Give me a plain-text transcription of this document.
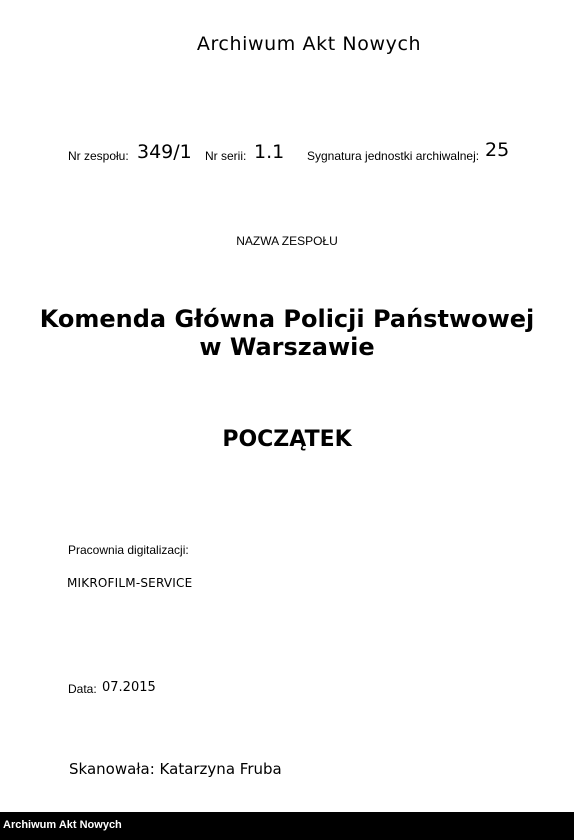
Archiwum Akt Nowych
Nr zespołu: 349/1 Nr serii: 1.1 Sygnatura jednostki archiwalnej: 25
NAZWA ZESPOŁU
Komenda Główna Policji Państwowej
w Warszawie
POCZĄTEK
Pracownia digitalizacji:
MIKROFILM-SERVICE
Data: 07.2015
Skanowała: Katarzyna Fruba
Archiwum Akt Nowych
